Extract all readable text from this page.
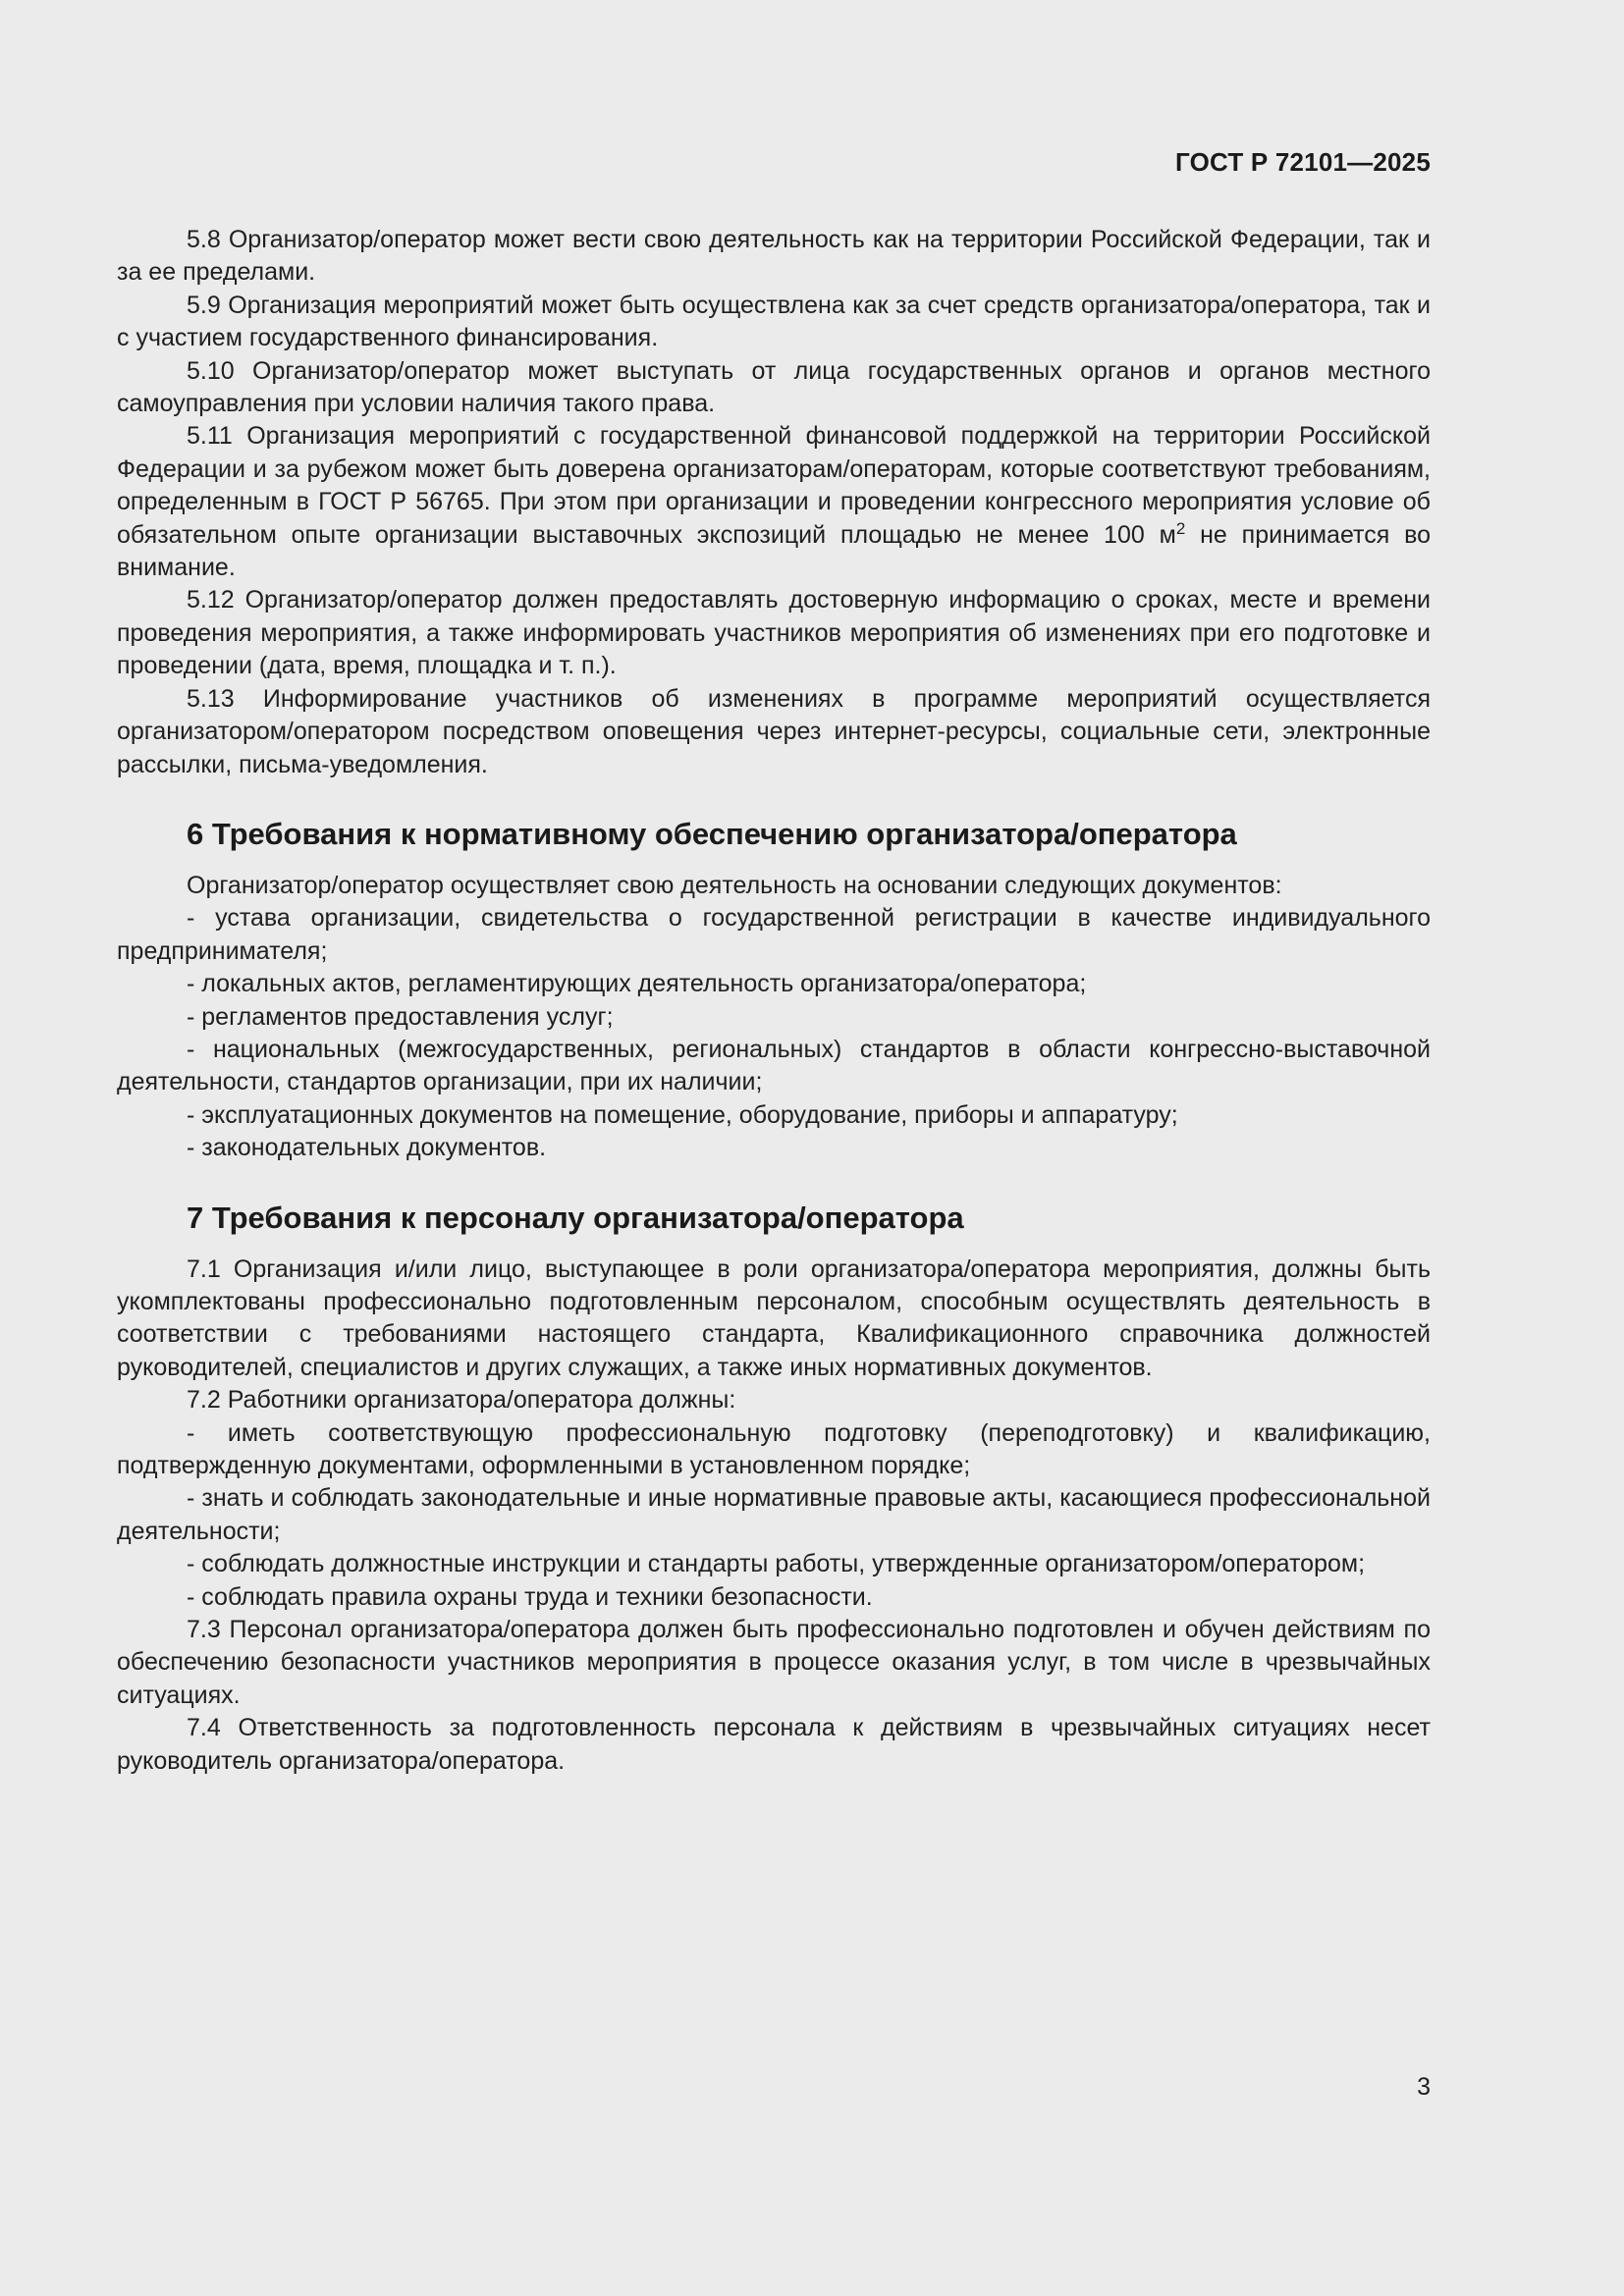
ГОСТ Р 72101—2025

5.8 Организатор/оператор может вести свою деятельность как на территории Российской Федерации, так и за ее пределами.

5.9 Организация мероприятий может быть осуществлена как за счет средств организатора/оператора, так и с участием государственного финансирования.

5.10 Организатор/оператор может выступать от лица государственных органов и органов местного самоуправления при условии наличия такого права.

5.11 Организация мероприятий с государственной финансовой поддержкой на территории Российской Федерации и за рубежом может быть доверена организаторам/операторам, которые соответствуют требованиям, определенным в ГОСТ Р 56765. При этом при организации и проведении конгрессного мероприятия условие об обязательном опыте организации выставочных экспозиций площадью не менее 100 $м^2$ не принимается во внимание.

5.12 Организатор/оператор должен предоставлять достоверную информацию о сроках, месте и времени проведения мероприятия, а также информировать участников мероприятия об изменениях при его подготовке и проведении (дата, время, площадка и т. п.).

5.13 Информирование участников об изменениях в программе мероприятий осуществляется организатором/оператором посредством оповещения через интернет-ресурсы, социальные сети, электронные рассылки, письма-уведомления.

6 Требования к нормативному обеспечению организатора/оператора

Организатор/оператор осуществляет свою деятельность на основании следующих документов:

- устава организации, свидетельства о государственной регистрации в качестве индивидуального предпринимателя;

- локальных актов, регламентирующих деятельность организатора/оператора;

- регламентов предоставления услуг;

- национальных (межгосударственных, региональных) стандартов в области конгрессно-выставочной деятельности, стандартов организации, при их наличии;

- эксплуатационных документов на помещение, оборудование, приборы и аппаратуру;

- законодательных документов.

7 Требования к персоналу организатора/оператора

7.1 Организация и/или лицо, выступающее в роли организатора/оператора мероприятия, должны быть укомплектованы профессионально подготовленным персоналом, способным осуществлять деятельность в соответствии с требованиями настоящего стандарта, Квалификационного справочника должностей руководителей, специалистов и других служащих, а также иных нормативных документов.

7.2 Работники организатора/оператора должны:

- иметь соответствующую профессиональную подготовку (переподготовку) и квалификацию, подтвержденную документами, оформленными в установленном порядке;

- знать и соблюдать законодательные и иные нормативные правовые акты, касающиеся профессиональной деятельности;

- соблюдать должностные инструкции и стандарты работы, утвержденные организатором/оператором;

- соблюдать правила охраны труда и техники безопасности.

7.3 Персонал организатора/оператора должен быть профессионально подготовлен и обучен действиям по обеспечению безопасности участников мероприятия в процессе оказания услуг, в том числе в чрезвычайных ситуациях.

7.4 Ответственность за подготовленность персонала к действиям в чрезвычайных ситуациях несет руководитель организатора/оператора.

3
